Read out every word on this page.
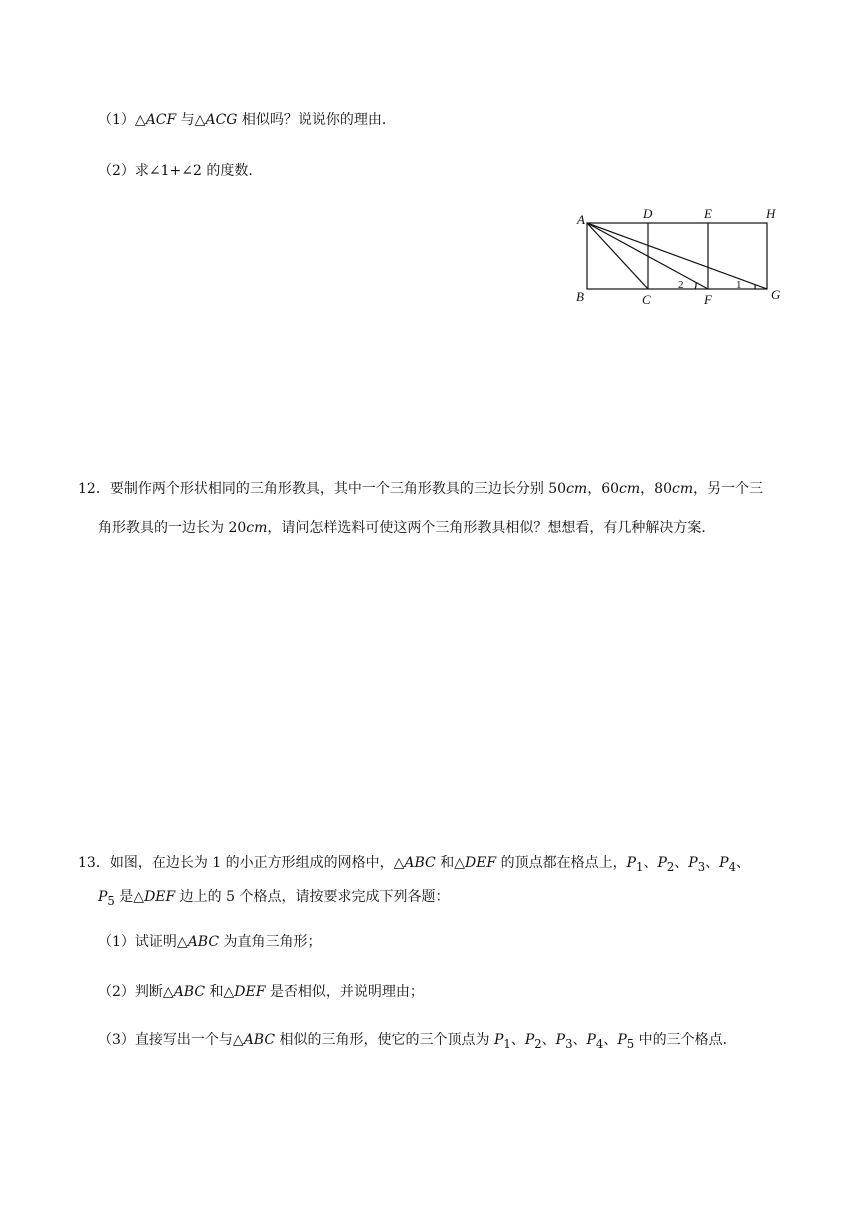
（1）△ACF 与△ACG 相似吗？说说你的理由．
（2）求∠1+∠2 的度数．
A	D	E	H
B	C	F	G
2	1
12．要制作两个形状相同的三角形教具，其中一个三角形教具的三边长分别 50cm，60cm，80cm，另一个三
角形教具的一边长为 20cm，请问怎样选料可使这两个三角形教具相似？想想看，有几种解决方案．
13．如图，在边长为 1 的小正方形组成的网格中，△ABC 和△DEF 的顶点都在格点上，$P_1$、$P_2$、$P_3$、$P_4$、
$P_5$ 是△DEF 边上的 5 个格点，请按要求完成下列各题：
（1）试证明△ABC 为直角三角形；
（2）判断△ABC 和△DEF 是否相似，并说明理由；
（3）直接写出一个与△ABC 相似的三角形，使它的三个顶点为 $P_1$、$P_2$、$P_3$、$P_4$、$P_5$ 中的三个格点．
